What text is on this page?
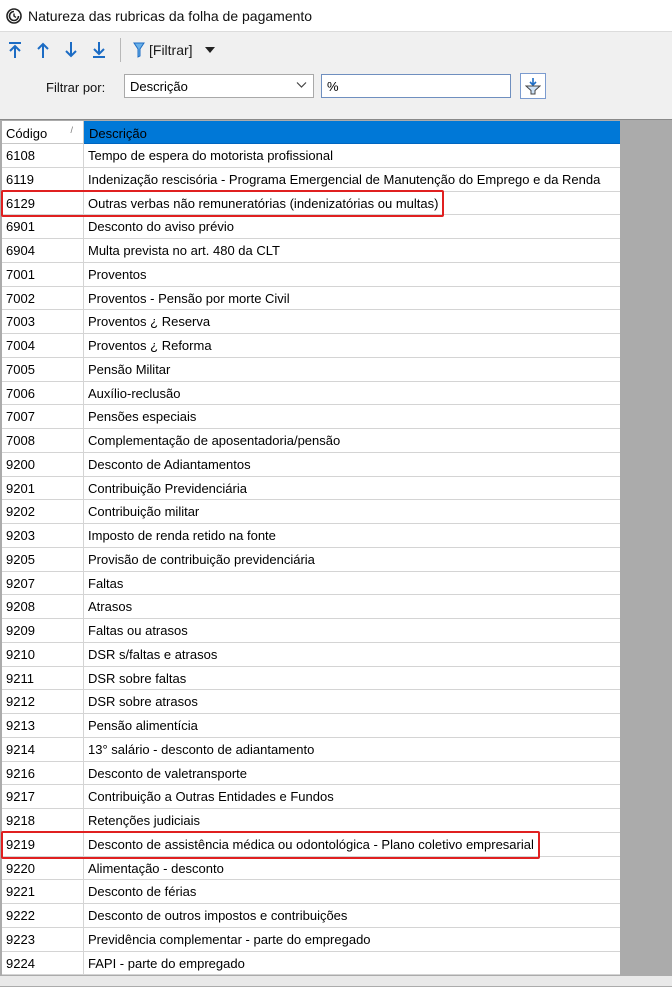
Natureza das rubricas da folha de pagamento
[Filtrar]
Filtrar por: Descrição
%
Código	/	Descrição
6108	Tempo de espera do motorista profissional
6119	Indenização rescisória - Programa Emergencial de Manutenção do Emprego e da Renda
6129	Outras verbas não remuneratórias (indenizatórias ou multas)
6901	Desconto do aviso prévio
6904	Multa prevista no art. 480 da CLT
7001	Proventos
7002	Proventos - Pensão por morte Civil
7003	Proventos ¿ Reserva
7004	Proventos ¿ Reforma
7005	Pensão Militar
7006	Auxílio-reclusão
7007	Pensões especiais
7008	Complementação de aposentadoria/pensão
9200	Desconto de Adiantamentos
9201	Contribuição Previdenciária
9202	Contribuição militar
9203	Imposto de renda retido na fonte
9205	Provisão de contribuição previdenciária
9207	Faltas
9208	Atrasos
9209	Faltas ou atrasos
9210	DSR s/faltas e atrasos
9211	DSR sobre faltas
9212	DSR sobre atrasos
9213	Pensão alimentícia
9214	13° salário - desconto de adiantamento
9216	Desconto de valetransporte
9217	Contribuição a Outras Entidades e Fundos
9218	Retenções judiciais
9219	Desconto de assistência médica ou odontológica - Plano coletivo empresarial
9220	Alimentação - desconto
9221	Desconto de férias
9222	Desconto de outros impostos e contribuições
9223	Previdência complementar - parte do empregado
9224	FAPI - parte do empregado
